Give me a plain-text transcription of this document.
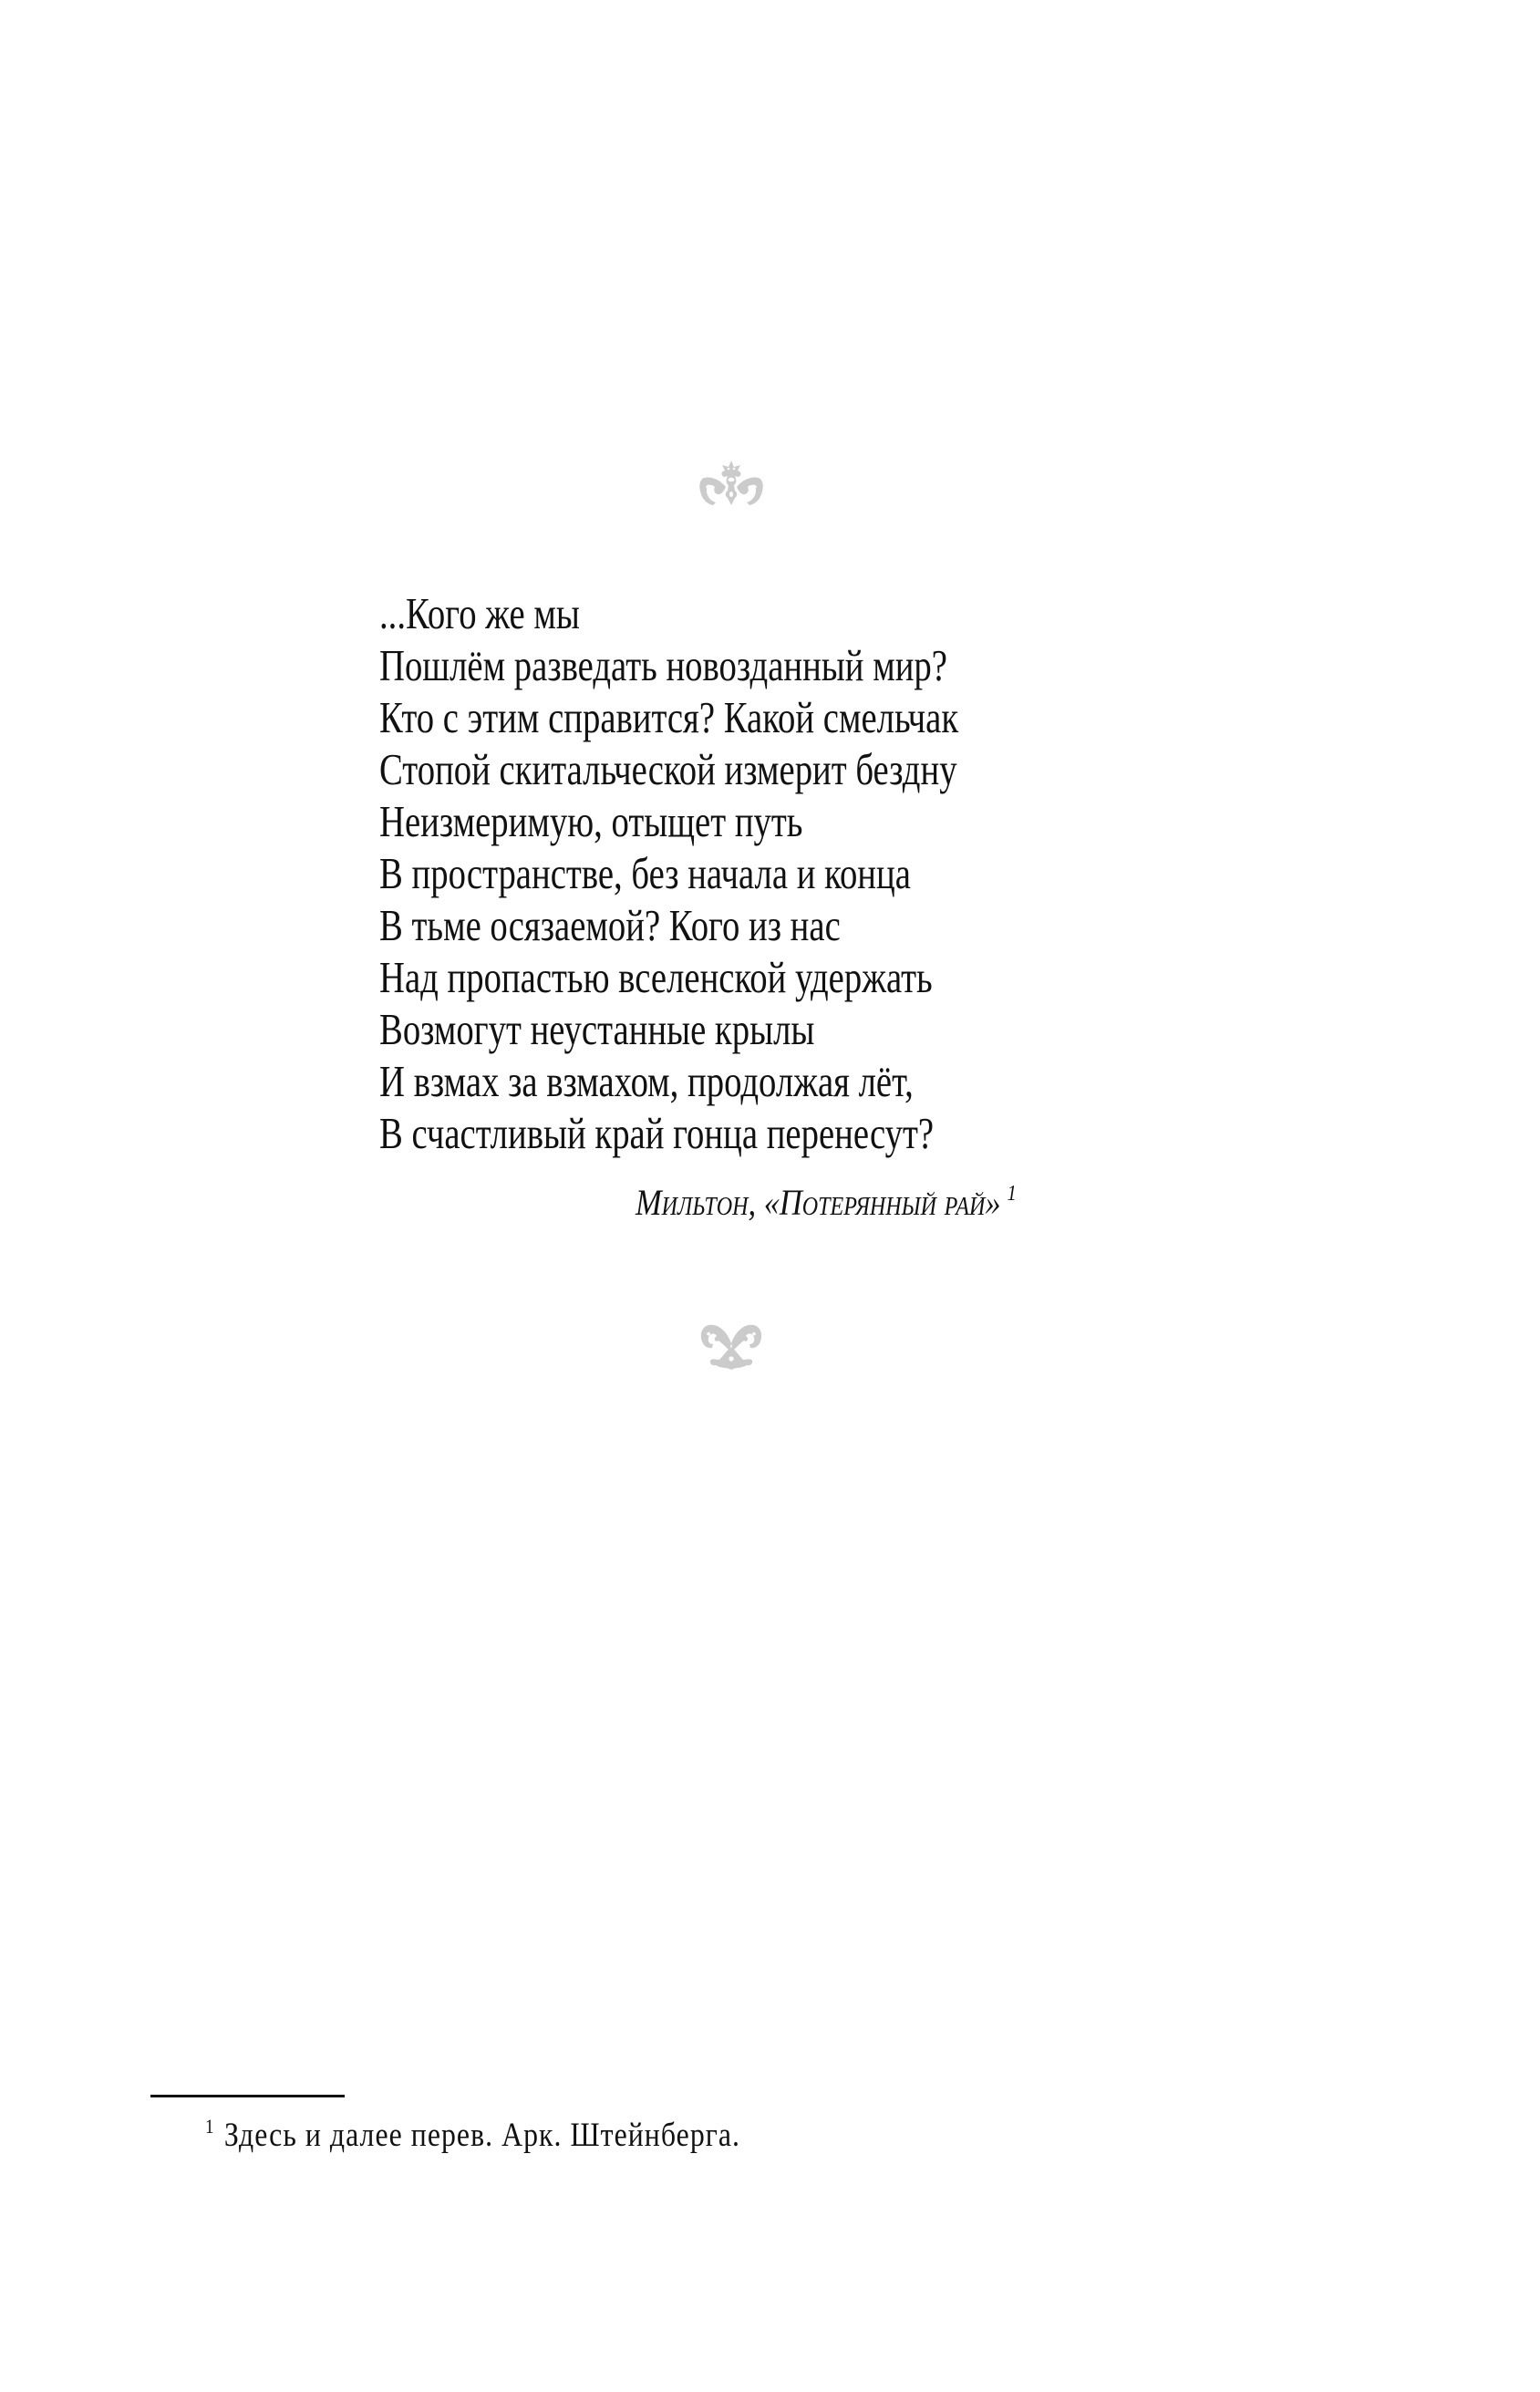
...Кого же мы
Пошлём разведать новозданный мир?
Кто с этим справится? Какой смельчак
Стопой скитальческой измерит бездну
Неизмеримую, отыщет путь
В пространстве, без начала и конца
В тьме осязаемой? Кого из нас
Над пропастью вселенской удержать
Возмогут неустанные крылы
И взмах за взмахом, продолжая лёт,
В счастливый край гонца перенесут?
Мильтон, «Потерянный рай» $^1$
$^1$ Здесь и далее перев. Арк. Штейнберга.
